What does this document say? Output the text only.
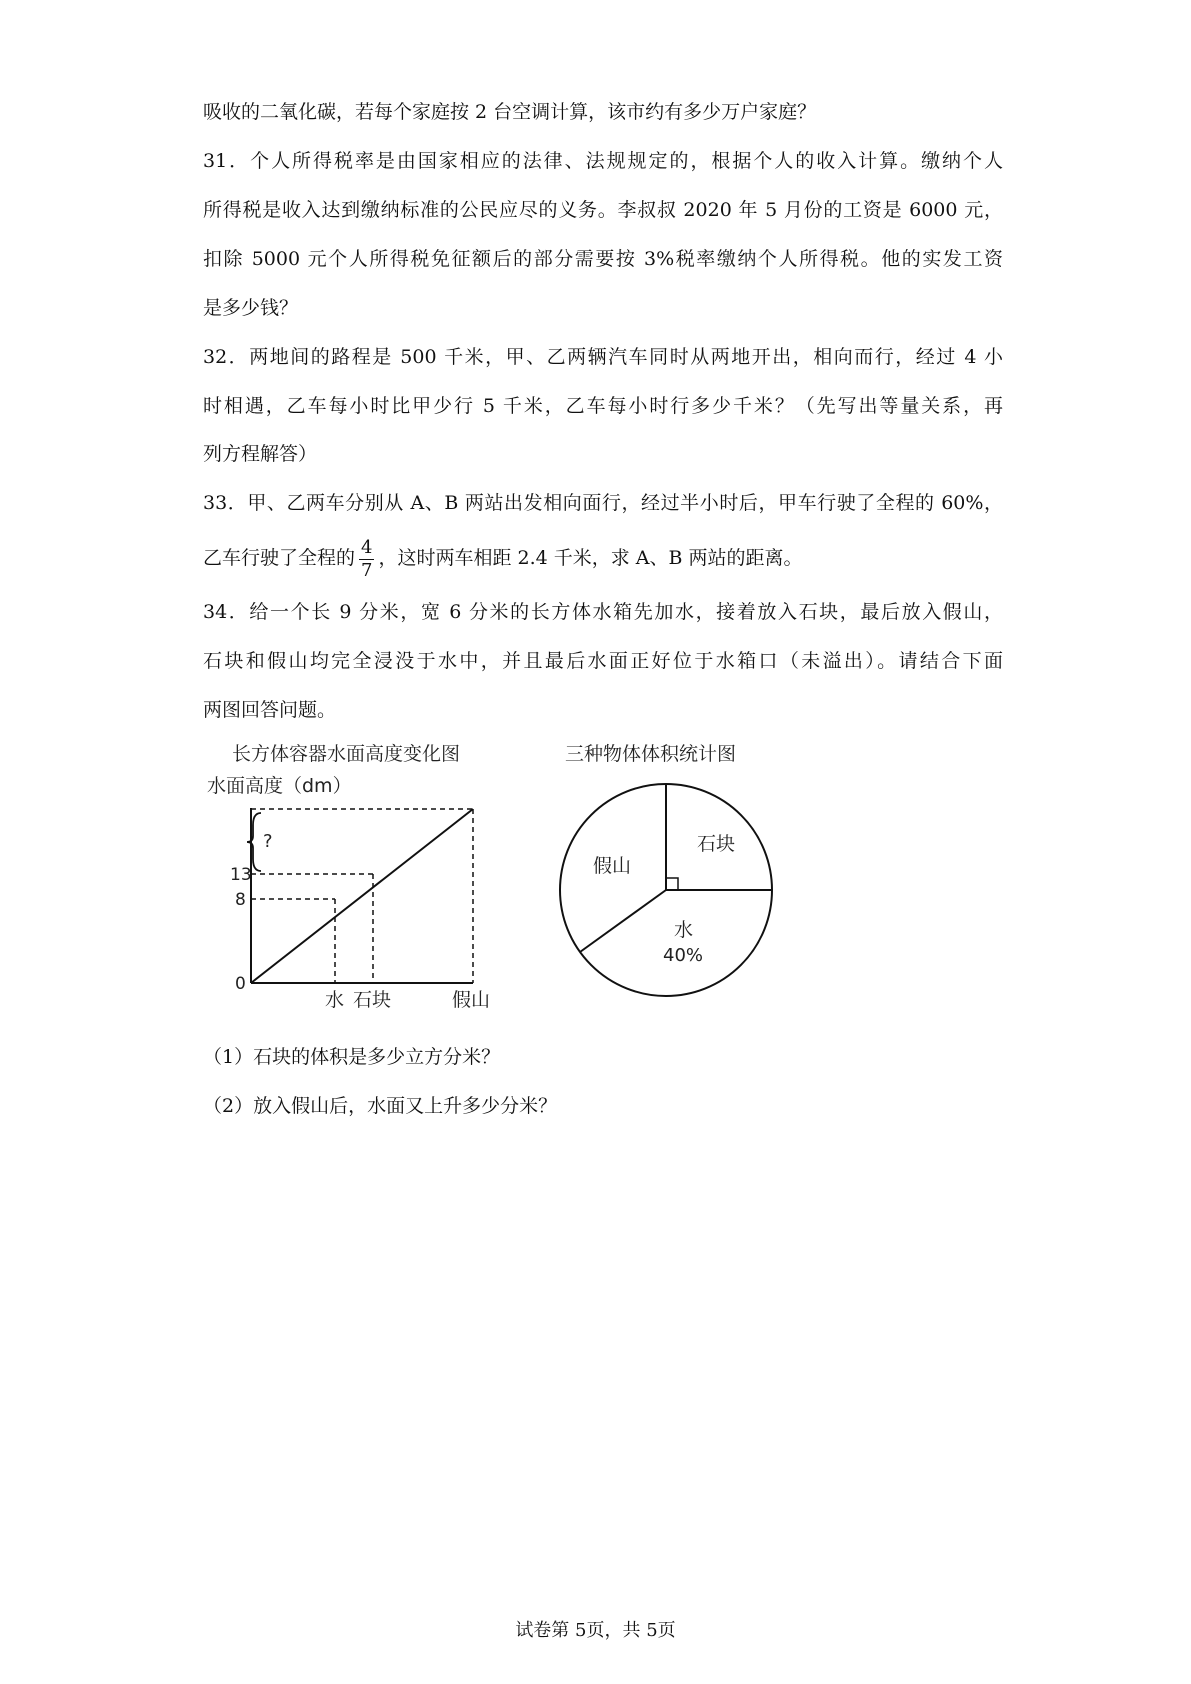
吸收的二氧化碳，若每个家庭按 2 台空调计算，该市约有多少万户家庭？
31．个人所得税率是由国家相应的法律、法规规定的，根据个人的收入计算。缴纳个人
所得税是收入达到缴纳标准的公民应尽的义务。李叔叔 2020 年 5 月份的工资是 6000 元，
扣除 5000 元个人所得税免征额后的部分需要按 3%税率缴纳个人所得税。他的实发工资
是多少钱？
32．两地间的路程是 500 千米，甲、乙两辆汽车同时从两地开出，相向而行，经过 4 小
时相遇，乙车每小时比甲少行 5 千米，乙车每小时行多少千米？（先写出等量关系，再
列方程解答）
33．甲、乙两车分别从 A、B 两站出发相向面行，经过半小时后，甲车行驶了全程的 60%，
乙车行驶了全程的 $\frac{4}{7}$ ，这时两车相距 2.4 千米，求 A、B 两站的距离。
34．给一个长 9 分米，宽 6 分米的长方体水箱先加水，接着放入石块，最后放入假山，
石块和假山均完全浸没于水中，并且最后水面正好位于水箱口（未溢出）。请结合下面
两图回答问题。
长方体容器水面高度变化图
水面高度（dm）
?
13
8
0
水 石块	假山
三种物体体积统计图
石块
假山
水
40%
（1）石块的体积是多少立方分米？
（2）放入假山后，水面又上升多少分米？
试卷第 5页，共 5页
